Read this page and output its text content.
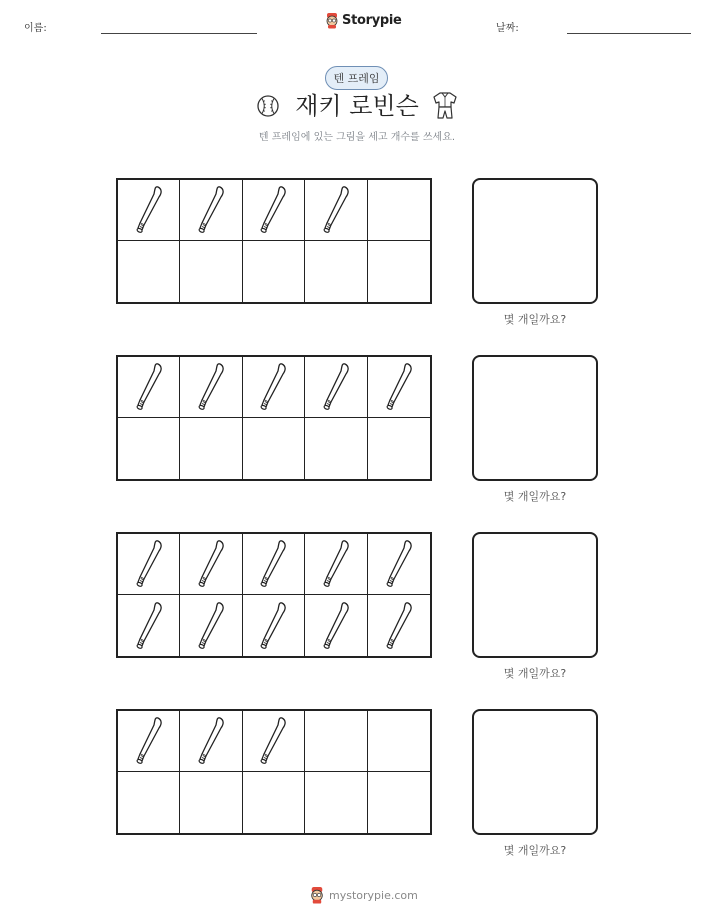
이름:
Storypie
날짜:
텐 프레임
재키 로빈슨
텐 프레임에 있는 그림을 세고 개수를 쓰세요.
몇 개일까요?
몇 개일까요?
몇 개일까요?
몇 개일까요?
mystorypie.com
